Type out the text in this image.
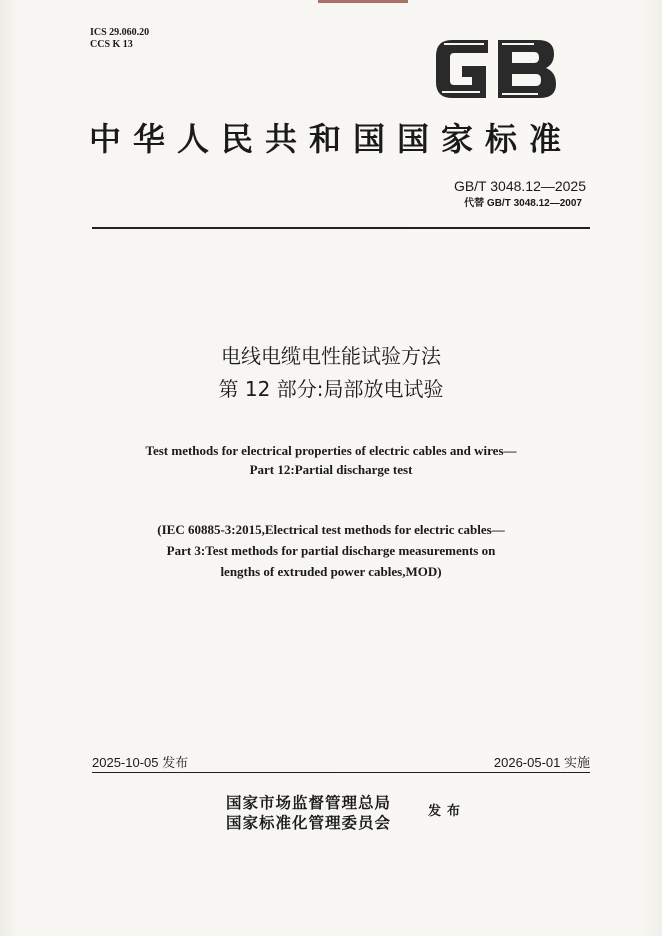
ICS 29.060.20
CCS K 13
中华人民共和国国家标准
GB/T 3048.12—2025
代替 GB/T 3048.12—2007
电线电缆电性能试验方法
第 12 部分:局部放电试验
Test methods for electrical properties of electric cables and wires—
Part 12:Partial discharge test
(IEC 60885-3:2015,Electrical test methods for electric cables—
Part 3:Test methods for partial discharge measurements on
lengths of extruded power cables,MOD)
2025-10-05 发布	2026-05-01 实施
国家市场监督管理总局
国家标准化管理委员会
发布
